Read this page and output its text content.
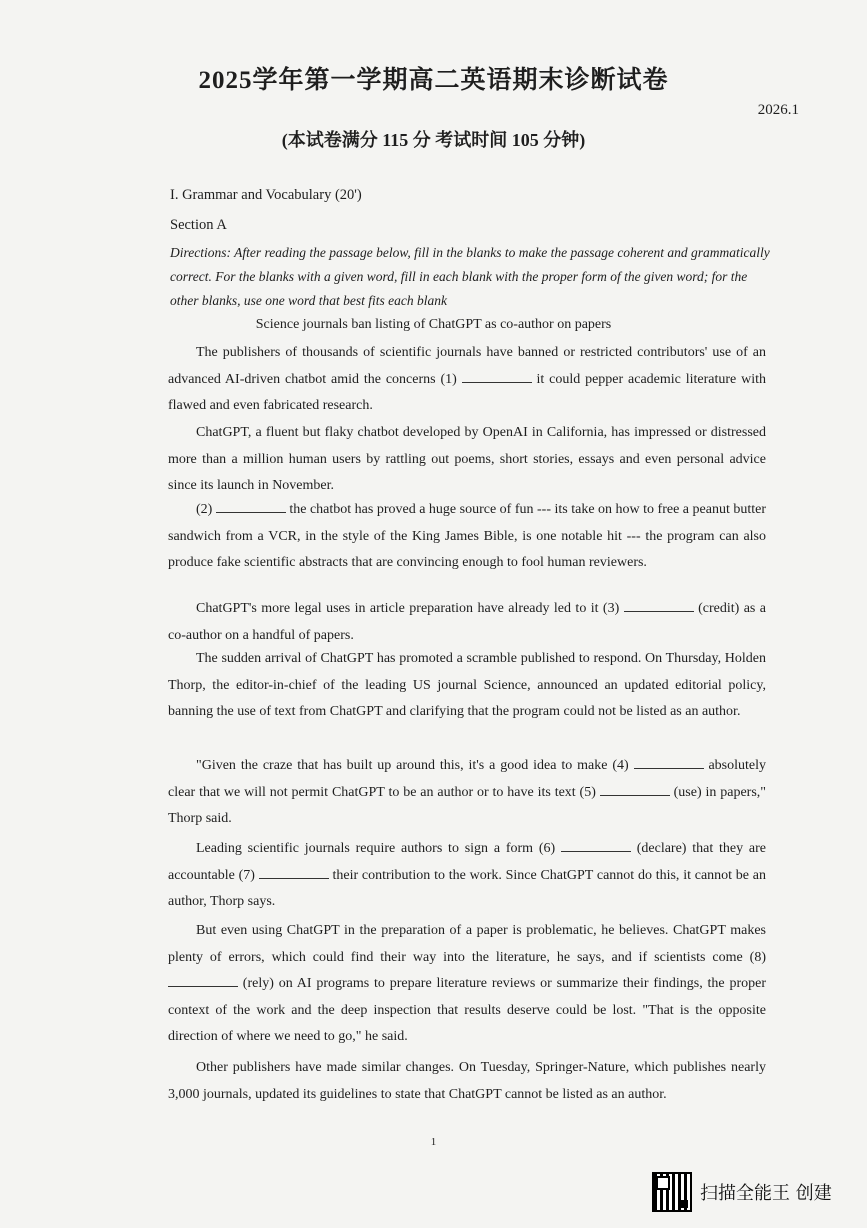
2025学年第一学期高二英语期末诊断试卷
2026.1
(本试卷满分 115 分 考试时间 105 分钟)
I. Grammar and Vocabulary (20')
Section A
Directions: After reading the passage below, fill in the blanks to make the passage coherent and grammatically correct. For the blanks with a given word, fill in each blank with the proper form of the given word; for the other blanks, use one word that best fits each blank
Science journals ban listing of ChatGPT as co-author on papers
The publishers of thousands of scientific journals have banned or restricted contributors' use of an advanced AI-driven chatbot amid the concerns (1)	it could pepper academic literature with flawed and even fabricated research.
ChatGPT, a fluent but flaky chatbot developed by OpenAI in California, has impressed or distressed more than a million human users by rattling out poems, short stories, essays and even personal advice since its launch in November.
(2)	the chatbot has proved a huge source of fun --- its take on how to free a peanut butter sandwich from a VCR, in the style of the King James Bible, is one notable hit --- the program can also produce fake scientific abstracts that are convincing enough to fool human reviewers.
ChatGPT's more legal uses in article preparation have already led to it (3)	(credit) as a co-author on a handful of papers.
The sudden arrival of ChatGPT has promoted a scramble published to respond. On Thursday, Holden Thorp, the editor-in-chief of the leading US journal Science, announced an updated editorial policy, banning the use of text from ChatGPT and clarifying that the program could not be listed as an author.
"Given the craze that has built up around this, it's a good idea to make (4)	absolutely clear that we will not permit ChatGPT to be an author or to have its text (5)	(use) in papers," Thorp said.
Leading scientific journals require authors to sign a form (6)	(declare) that they are accountable (7)	their contribution to the work. Since ChatGPT cannot do this, it cannot be an author, Thorp says.
But even using ChatGPT in the preparation of a paper is problematic, he believes. ChatGPT makes plenty of errors, which could find their way into the literature, he says, and if scientists come (8)  (rely) on AI programs to prepare literature reviews or summarize their findings, the proper context of the work and the deep inspection that results deserve could be lost. "That is the opposite direction of where we need to go," he said.
Other publishers have made similar changes. On Tuesday, Springer-Nature, which publishes nearly 3,000 journals, updated its guidelines to state that ChatGPT cannot be listed as an author.
1
扫描全能王 创建
